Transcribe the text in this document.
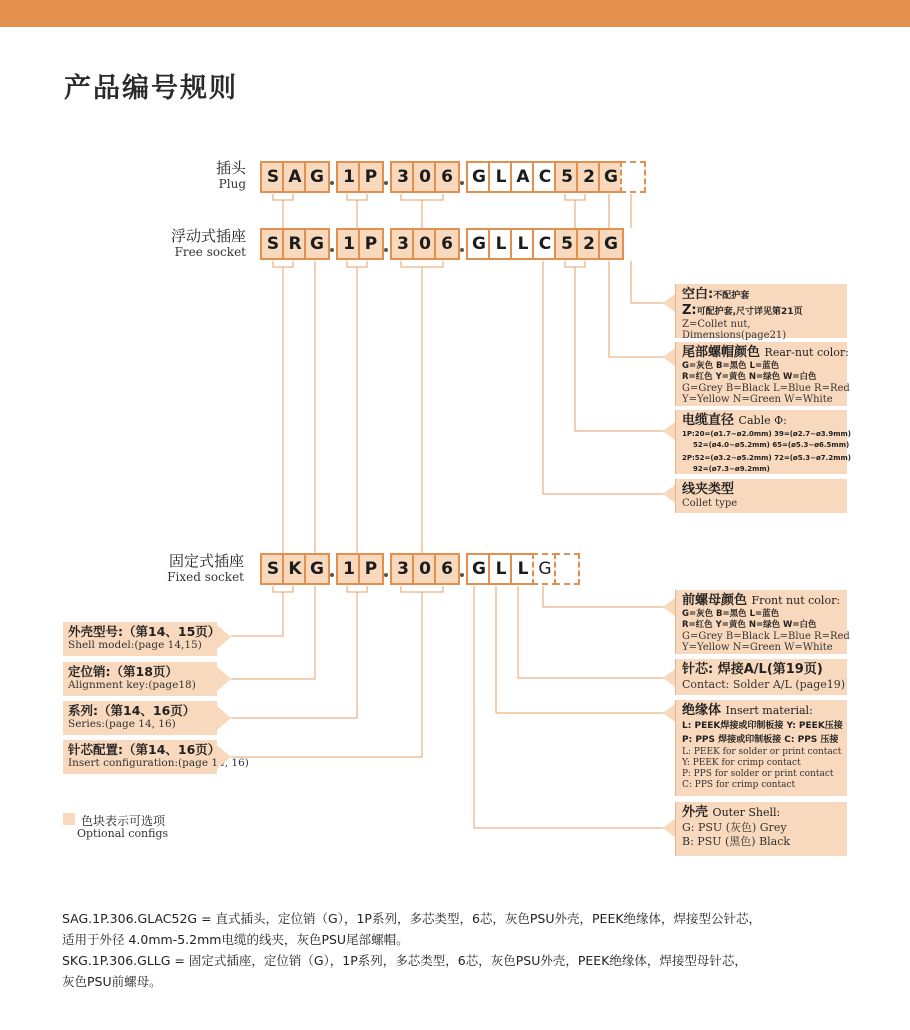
产品编号规则
插头
Plug
浮动式插座
Free socket
固定式插座
Fixed socket
S A G	1 P	3 0 6	G L A C 5 2 G
S R G	1 P	3 0 6	G L L C 5 2 G
S K G	1 P	3 0 6	G L L G
空白:不配护套
Z:可配护套,尺寸详见第21页
Z=Collet nut,
Dimensions(page21)
尾部螺帽颜色 Rear-nut color:
G=灰色 B=黑色 L=蓝色
R=红色 Y=黄色 N=绿色 W=白色
G=Grey B=Black L=Blue R=Red
Y=Yellow N=Green W=White
电缆直径 Cable Φ:
1P:20=(ø1.7~ø2.0mm) 39=(ø2.7~ø3.9mm)
52=(ø4.0~ø5.2mm) 65=(ø5.3~ø6.5mm)
2P:52=(ø3.2~ø5.2mm) 72=(ø5.3~ø7.2mm)
92=(ø7.3~ø9.2mm)
线夹类型
Collet type
前螺母颜色 Front nut color:
G=灰色 B=黑色 L=蓝色
R=红色 Y=黄色 N=绿色 W=白色
G=Grey B=Black L=Blue R=Red
Y=Yellow N=Green W=White
针芯: 焊接A/L(第19页)
Contact: Solder A/L (page19)
绝缘体 Insert material:
L: PEEK焊接或印制板接 Y: PEEK压接
P: PPS 焊接或印制板接 C: PPS 压接
L: PEEK for solder or print contact
Y: PEEK for crimp contact
P: PPS for solder or print contact
C: PPS for crimp contact
外壳 Outer Shell:
G: PSU (灰色) Grey
B: PSU (黑色) Black
外壳型号:（第14、15页）
Shell model:(page 14,15)
定位销:（第18页）
Alignment key:(page18)
系列:（第14、16页）
Series:(page 14, 16)
针芯配置:（第14、16页）
Insert configuration:(page 14, 16)
色块表示可选项
Optional configs
SAG.1P.306.GLAC52G = 直式插头，定位销（G），1P系列，多芯类型，6芯，灰色PSU外壳，PEEK绝缘体，焊接型公针芯，
适用于外径 4.0mm-5.2mm电缆的线夹，灰色PSU尾部螺帽。
SKG.1P.306.GLLG = 固定式插座，定位销（G），1P系列，多芯类型，6芯，灰色PSU外壳，PEEK绝缘体，焊接型母针芯，
灰色PSU前螺母。
